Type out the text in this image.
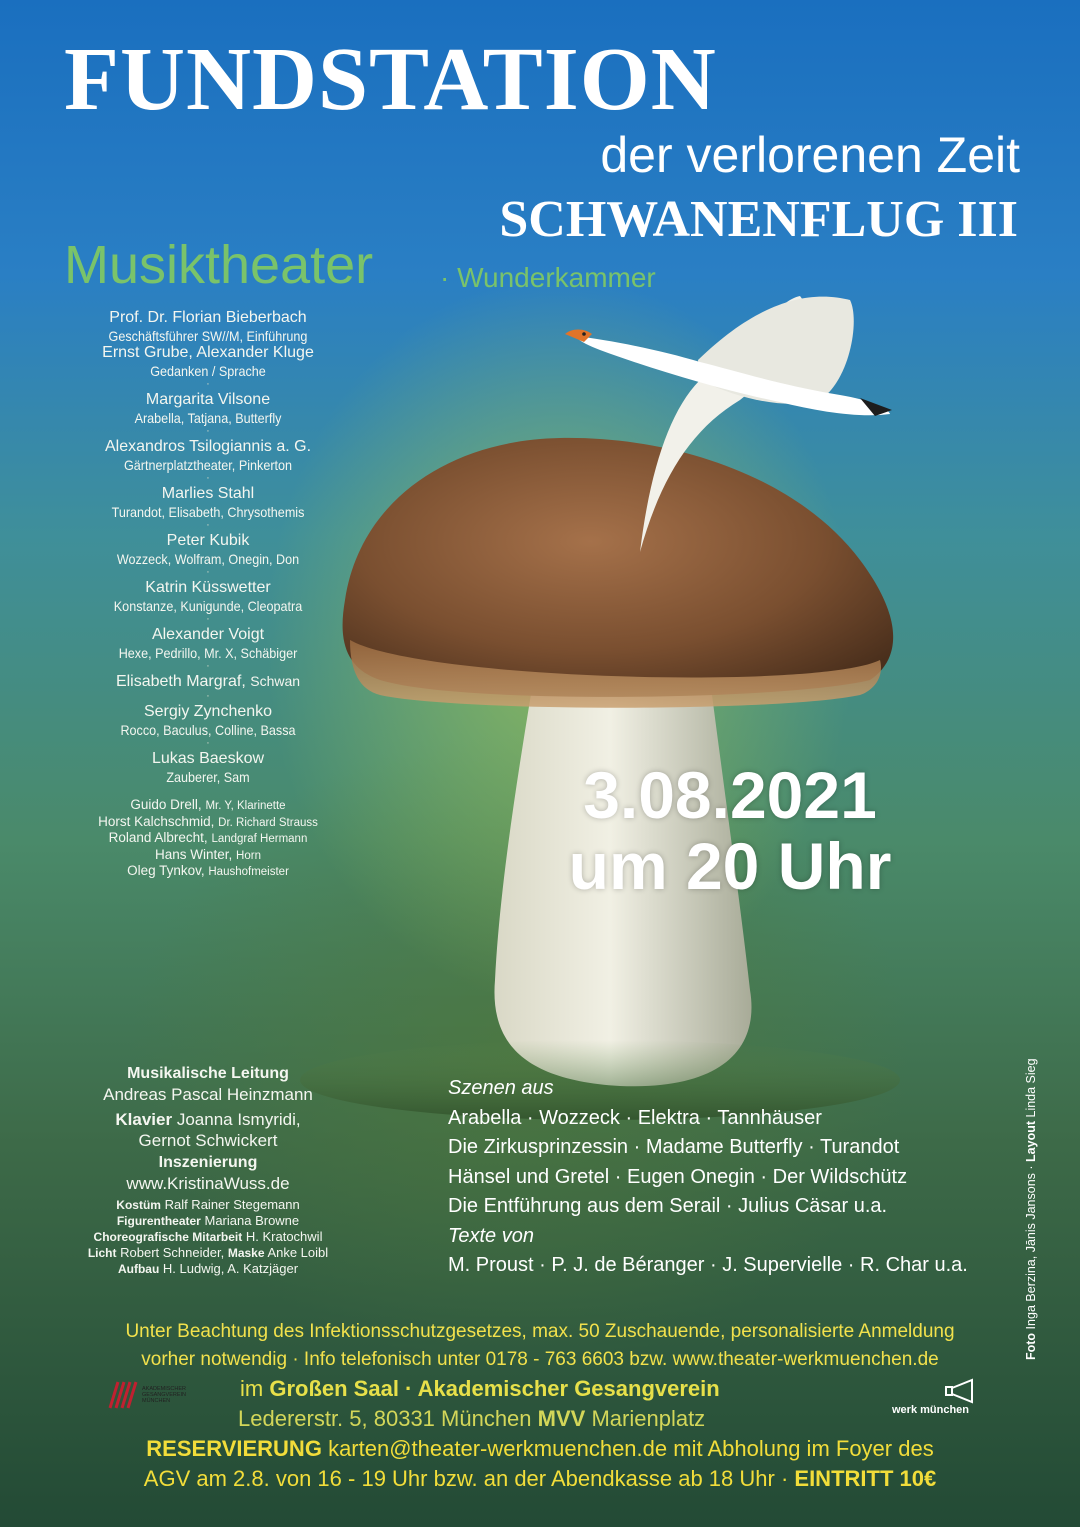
FUNDSTATION
der verlorenen Zeit
SCHWANENFLUG III
Musiktheater · Wunderkammer
Prof. Dr. Florian Bieberbach
Geschäftsführer SW//M, Einführung
Ernst Grube, Alexander Kluge
Gedanken / Sprache
·
Margarita Vilsone
Arabella, Tatjana, Butterfly
·
Alexandros Tsilogiannis a. G.
Gärtnerplatztheater, Pinkerton
·
Marlies Stahl
Turandot, Elisabeth, Chrysothemis
·
Peter Kubik
Wozzeck, Wolfram, Onegin, Don
·
Katrin Küsswetter
Konstanze, Kunigunde, Cleopatra
·
Alexander Voigt
Hexe, Pedrillo, Mr. X, Schäbiger
·
Elisabeth Margraf, Schwan
·
Sergiy Zynchenko
Rocco, Baculus, Colline, Bassa
·
Lukas Baeskow
Zauberer, Sam

Guido Drell, Mr. Y, Klarinette
Horst Kalchschmid, Dr. Richard Strauss
Roland Albrecht, Landgraf Hermann
Hans Winter, Horn
Oleg Tynkov, Haushofmeister
Musikalische Leitung
Andreas Pascal Heinzmann
Klavier Joanna Ismyridi,
Gernot Schwickert
Inszenierung
www.KristinaWuss.de
Kostüm Ralf Rainer Stegemann
Figurentheater Mariana Browne
Choreografische Mitarbeit H. Kratochwil
Licht Robert Schneider, Maske Anke Loibl
Aufbau H. Ludwig, A. Katzjäger
3.08.2021
um 20 Uhr
Szenen aus
Arabella · Wozzeck · Elektra · Tannhäuser
Die Zirkusprinzessin · Madame Butterfly · Turandot
Hänsel und Gretel · Eugen Onegin · Der Wildschütz
Die Entführung aus dem Serail · Julius Cäsar u.a.
Texte von
M. Proust · P. J. de Béranger · J. Supervielle · R. Char u.a.
Foto Inga Berzina, Jānis Jansons · Layout Linda Sieg
Unter Beachtung des Infektionsschutzgesetzes, max. 50 Zuschauende, personalisierte Anmeldung
vorher notwendig · Info telefonisch unter 0178 - 763 6603 bzw. www.theater-werkmuenchen.de
AKADEMISCHER GESANGVEREIN MÜNCHEN
werk münchen
im Großen Saal · Akademischer Gesangverein
Ledererstr. 5, 80331 München MVV Marienplatz
RESERVIERUNG karten@theater-werkmuenchen.de mit Abholung im Foyer des
AGV am 2.8. von 16 - 19 Uhr bzw. an der Abendkasse ab 18 Uhr · EINTRITT 10€
